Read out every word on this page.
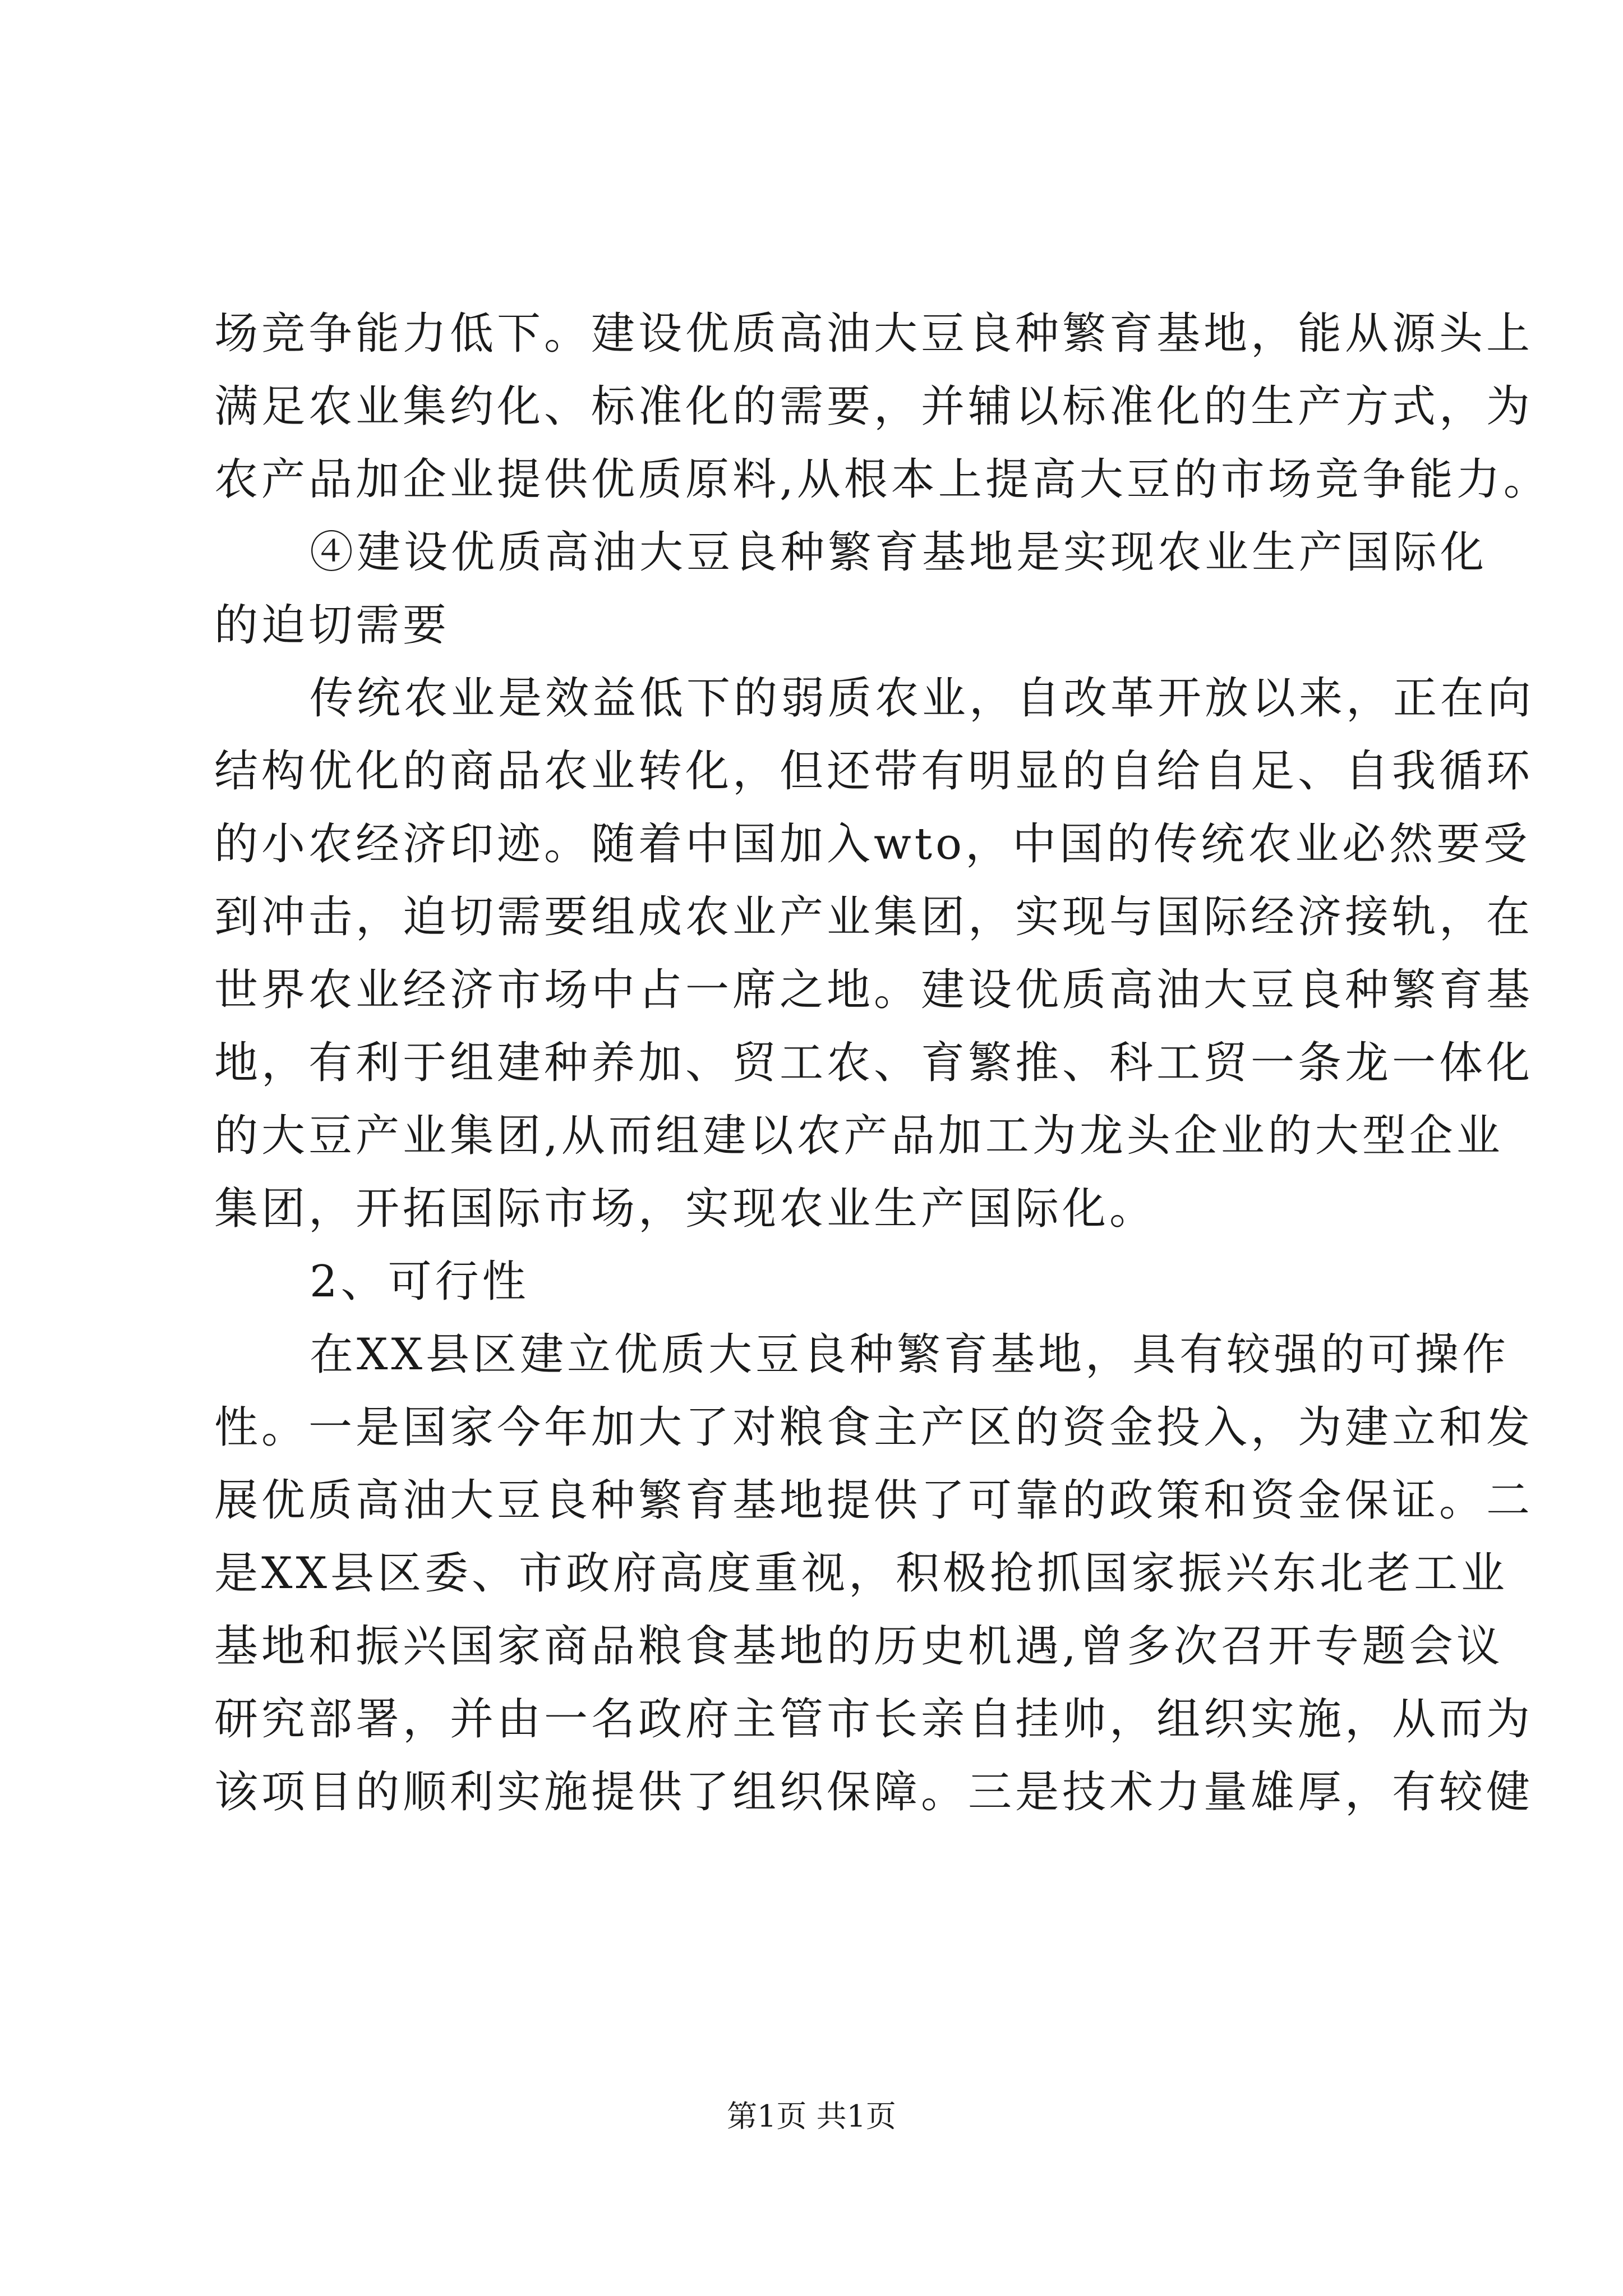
场竞争能力低下。建设优质高油大豆良种繁育基地，能从源头上
满足农业集约化、标准化的需要，并辅以标准化的生产方式，为
农产品加企业提供优质原料,从根本上提高大豆的市场竞争能力。
④建设优质高油大豆良种繁育基地是实现农业生产国际化
的迫切需要
传统农业是效益低下的弱质农业，自改革开放以来，正在向
结构优化的商品农业转化，但还带有明显的自给自足、自我循环
的小农经济印迹。随着中国加入wto，中国的传统农业必然要受
到冲击，迫切需要组成农业产业集团，实现与国际经济接轨，在
世界农业经济市场中占一席之地。建设优质高油大豆良种繁育基
地，有利于组建种养加、贸工农、育繁推、科工贸一条龙一体化
的大豆产业集团,从而组建以农产品加工为龙头企业的大型企业
集团，开拓国际市场，实现农业生产国际化。
2、可行性
在XX县区建立优质大豆良种繁育基地，具有较强的可操作
性。一是国家今年加大了对粮食主产区的资金投入，为建立和发
展优质高油大豆良种繁育基地提供了可靠的政策和资金保证。二
是XX县区委、市政府高度重视，积极抢抓国家振兴东北老工业
基地和振兴国家商品粮食基地的历史机遇,曾多次召开专题会议
研究部署，并由一名政府主管市长亲自挂帅，组织实施，从而为
该项目的顺利实施提供了组织保障。三是技术力量雄厚，有较健
第1页 共1页
